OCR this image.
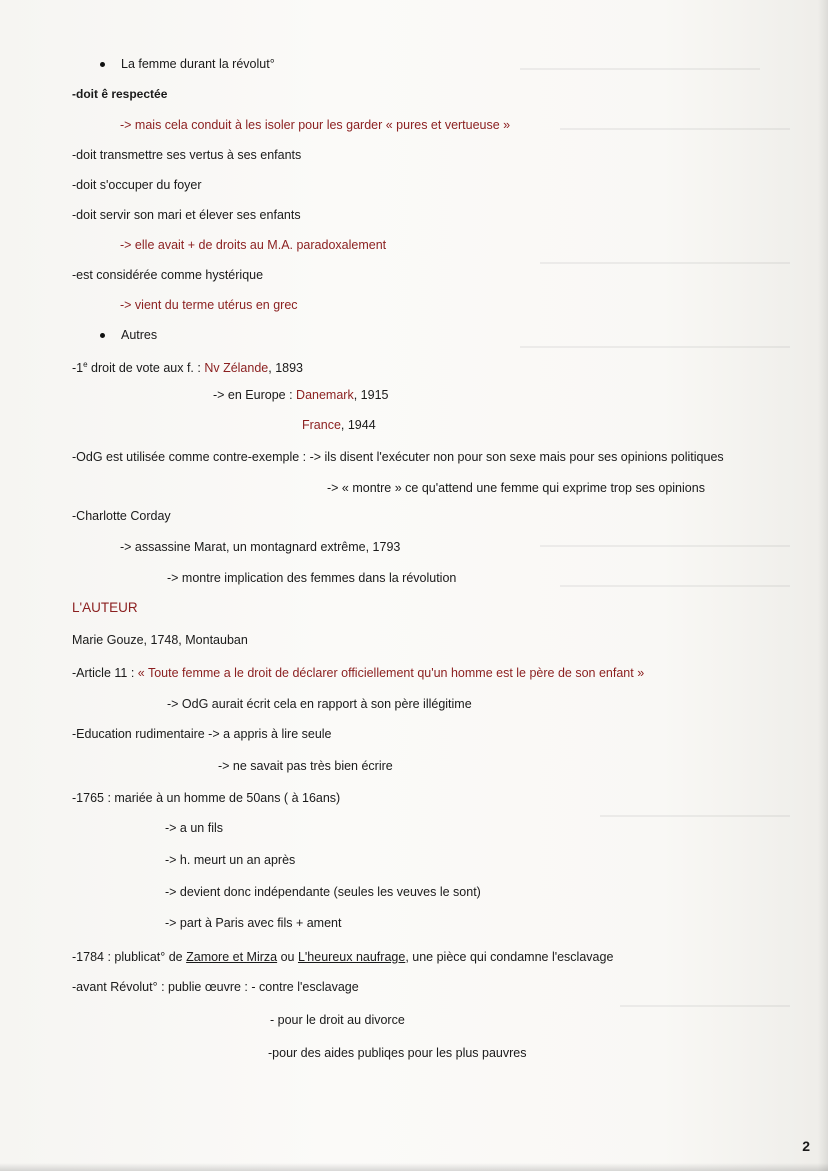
La femme durant la révolut°
-doit ê respectée
-> mais cela conduit à les isoler pour les garder « pures et vertueuse »
-doit transmettre ses vertus à ses enfants
-doit s'occuper du foyer
-doit servir son mari et élever ses enfants
-> elle avait + de droits au M.A. paradoxalement
-est considérée comme hystérique
-> vient du terme utérus en grec
Autres
-1e droit de vote aux f. : Nv Zélande, 1893
-> en Europe : Danemark, 1915
France, 1944
-OdG est utilisée comme contre-exemple : -> ils disent l'exécuter non pour son sexe mais pour ses opinions politiques
-> « montre » ce qu'attend une femme qui exprime trop ses opinions
-Charlotte Corday
-> assassine Marat, un montagnard extrême, 1793
-> montre implication des femmes dans la révolution
L'AUTEUR
Marie Gouze, 1748, Montauban
-Article 11 : « Toute femme a le droit de déclarer officiellement qu'un homme est le père de son enfant »
-> OdG aurait écrit cela en rapport à son père illégitime
-Education rudimentaire -> a appris à lire seule
-> ne savait pas très bien écrire
-1765 : mariée à un homme de 50ans ( à 16ans)
-> a un fils
-> h. meurt un an après
-> devient donc indépendante (seules les veuves le sont)
-> part à Paris avec fils + ament
-1784 : plublicat° de Zamore et Mirza ou L'heureux naufrage, une pièce qui condamne l'esclavage
-avant Révolut° : publie œuvre : - contre l'esclavage
- pour le droit au divorce
-pour des aides publiqes pour les plus pauvres
2
